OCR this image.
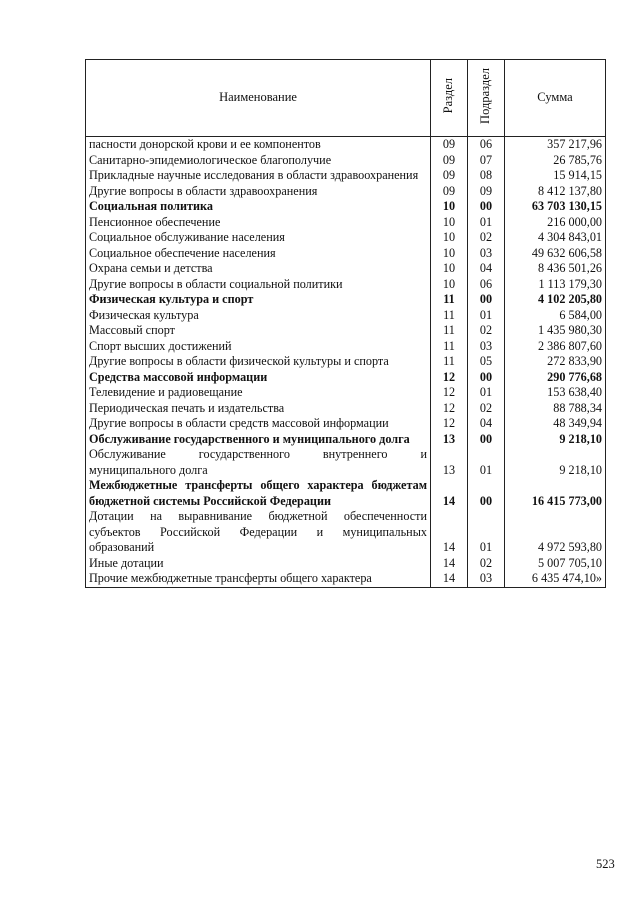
Наименование	Раздел	Подраздел	Сумма
пасности донорской крови и ее компонентов	09	06	357 217,96
Санитарно-эпидемиологическое благополучие	09	07	26 785,76
Прикладные научные исследования в области здравоохранения	09	08	15 914,15
Другие вопросы в области здравоохранения	09	09	8 412 137,80
Социальная политика	10	00	63 703 130,15
Пенсионное обеспечение	10	01	216 000,00
Социальное обслуживание населения	10	02	4 304 843,01
Социальное обеспечение населения	10	03	49 632 606,58
Охрана семьи и детства	10	04	8 436 501,26
Другие вопросы в области социальной политики	10	06	1 113 179,30
Физическая культура и спорт	11	00	4 102 205,80
Физическая культура	11	01	6 584,00
Массовый спорт	11	02	1 435 980,30
Спорт высших достижений	11	03	2 386 807,60
Другие вопросы в области физической культуры и спорта	11	05	272 833,90
Средства массовой информации	12	00	290 776,68
Телевидение и радиовещание	12	01	153 638,40
Периодическая печать и издательства	12	02	88 788,34
Другие вопросы в области средств массовой информации	12	04	48 349,94
Обслуживание государственного и муниципального долга	13	00	9 218,10
Обслуживание государственного внутреннего и муниципального долга	13	01	9 218,10
Межбюджетные трансферты общего характера бюджетам бюджетной системы Российской Федерации	14	00	16 415 773,00
Дотации на выравнивание бюджетной обеспеченности субъектов Российской Федерации и муниципальных образований	14	01	4 972 593,80
Иные дотации	14	02	5 007 705,10
Прочие межбюджетные трансферты общего характера	14	03	6 435 474,10»
523
